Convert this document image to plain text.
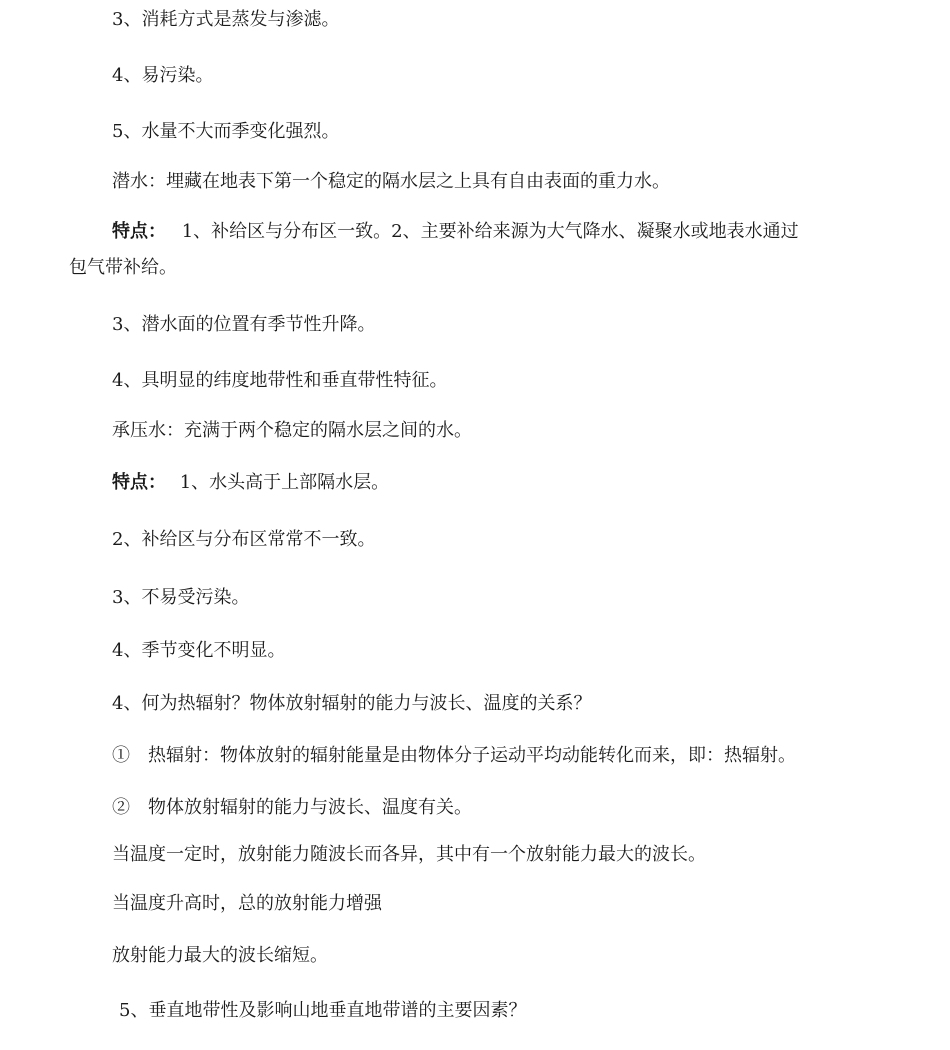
3、消耗方式是蒸发与渗滤。
4、易污染。
5、水量不大而季变化强烈。
潜水：埋藏在地表下第一个稳定的隔水层之上具有自由表面的重力水。
特点： 1、补给区与分布区一致。2、主要补给来源为大气降水、凝聚水或地表水通过
包气带补给。
3、潜水面的位置有季节性升降。
4、具明显的纬度地带性和垂直带性特征。
承压水：充满于两个稳定的隔水层之间的水。
特点： 1、水头高于上部隔水层。
2、补给区与分布区常常不一致。
3、不易受污染。
4、季节变化不明显。
4、何为热辐射？物体放射辐射的能力与波长、温度的关系？
①　热辐射：物体放射的辐射能量是由物体分子运动平均动能转化而来，即：热辐射。
②　物体放射辐射的能力与波长、温度有关。
当温度一定时，放射能力随波长而各异，其中有一个放射能力最大的波长。
当温度升高时，总的放射能力增强
放射能力最大的波长缩短。
5、垂直地带性及影响山地垂直地带谱的主要因素？
